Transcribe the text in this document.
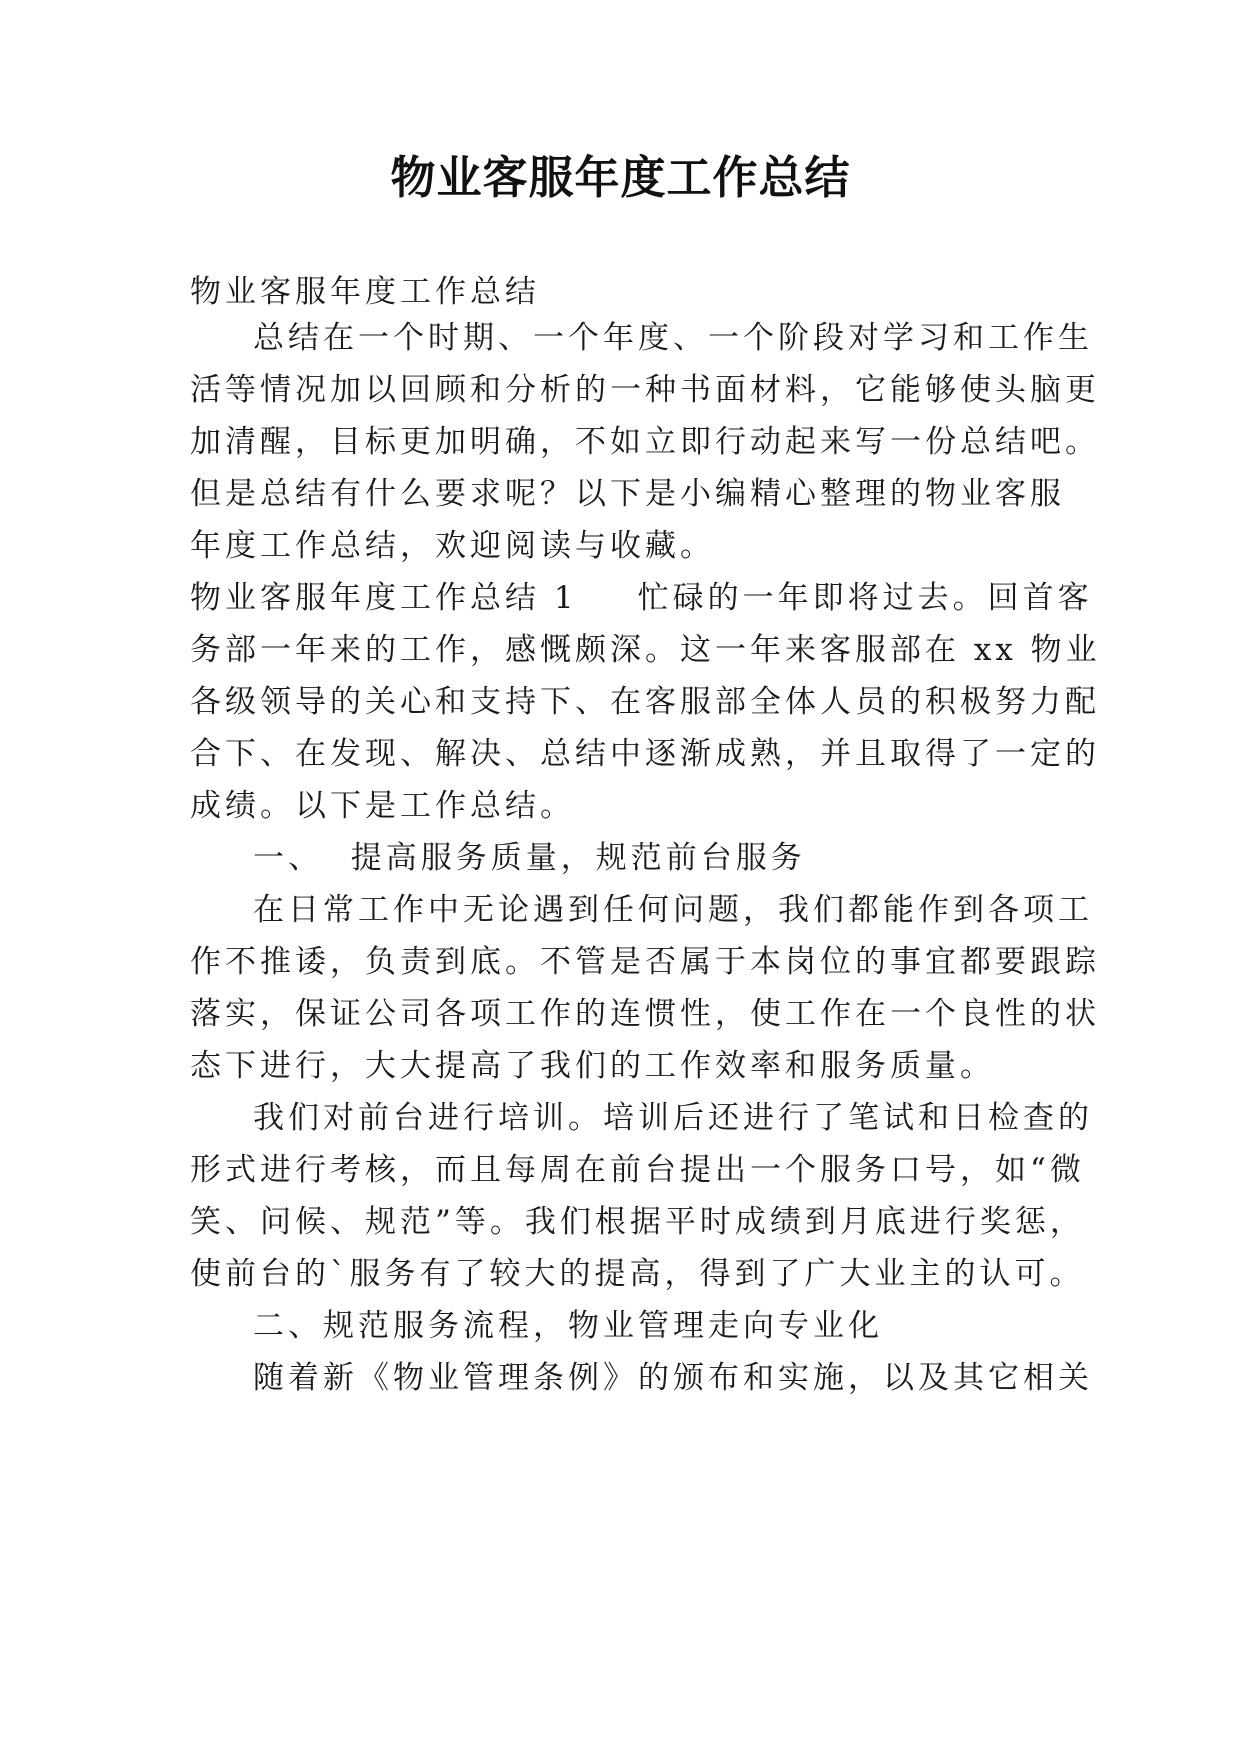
物业客服年度工作总结
物业客服年度工作总结
总结在一个时期、一个年度、一个阶段对学习和工作生
活等情况加以回顾和分析的一种书面材料，它能够使头脑更
加清醒，目标更加明确，不如立即行动起来写一份总结吧。
但是总结有什么要求呢？以下是小编精心整理的物业客服
年度工作总结，欢迎阅读与收藏。
物业客服年度工作总结 1 忙碌的一年即将过去。回首客
务部一年来的工作，感慨颇深。这一年来客服部在 xx 物业
各级领导的关心和支持下、在客服部全体人员的积极努力配
合下、在发现、解决、总结中逐渐成熟，并且取得了一定的
成绩。以下是工作总结。
一、  提高服务质量，规范前台服务
在日常工作中无论遇到任何问题，我们都能作到各项工
作不推诿，负责到底。不管是否属于本岗位的事宜都要跟踪
落实，保证公司各项工作的连惯性，使工作在一个良性的状
态下进行，大大提高了我们的工作效率和服务质量。
我们对前台进行培训。培训后还进行了笔试和日检查的
形式进行考核，而且每周在前台提出一个服务口号，如“微
笑、问候、规范”等。我们根据平时成绩到月底进行奖惩，
使前台的`服务有了较大的提高，得到了广大业主的认可。
二、规范服务流程，物业管理走向专业化
随着新《物业管理条例》的颁布和实施，以及其它相关
